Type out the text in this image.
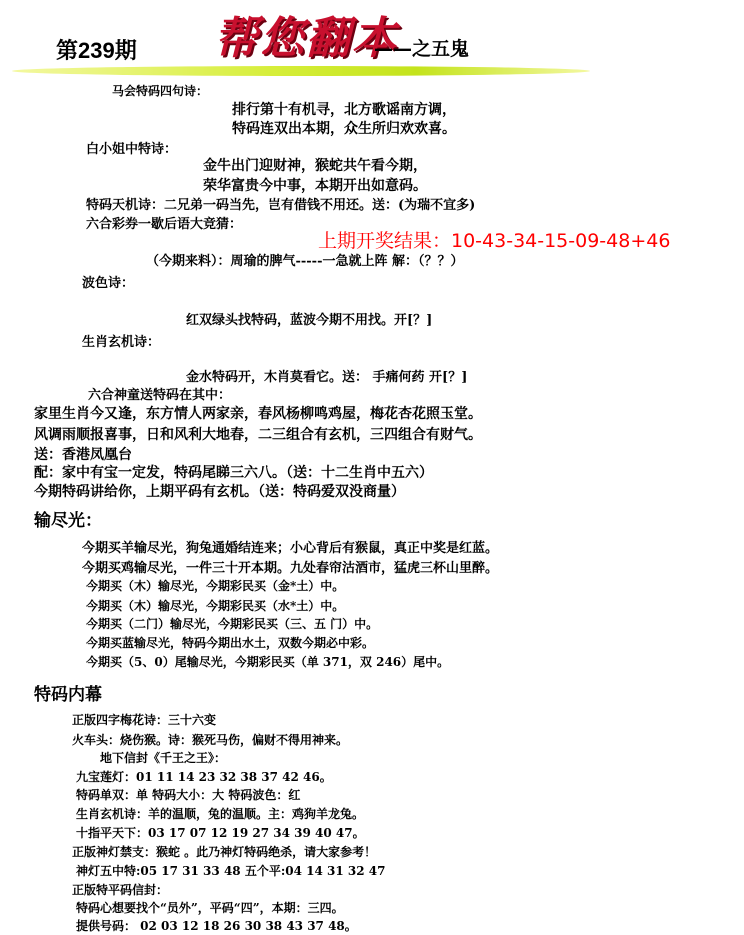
第239期 帮您翻本
——之五鬼
马会特码四句诗：
排行第十有机寻，北方歌谣南方调，
特码连双出本期，众生所归欢欢喜。
白小姐中特诗：
金牛出门迎财神，猴蛇共午看今期，
荣华富贵今中事，本期开出如意码。
特码天机诗：二兄弟一码当先，岂有借钱不用还。送：(为瑞不宜多)
六合彩券一歇后语大竞猜：
上期开奖结果：10-43-34-15-09-48+46
（今期来料）：周瑜的脾气-----一急就上阵 解：（？？）
波色诗：
红双绿头找特码，蓝波今期不用找。开[？]
生肖玄机诗：
金水特码开，木肖莫看它。送： 手痛何药 开[？]
六合神童送特码在其中：
家里生肖今又逢，东方情人两家亲，春风杨柳鸣鸡屋，梅花杏花照玉堂。
风调雨顺报喜事，日和风利大地春，二三组合有玄机，三四组合有财气。
送：香港凤凰台
配：家中有宝一定发，特码尾睇三六八。（送：十二生肖中五六）
今期特码讲给你，上期平码有玄机。（送：特码爱双没商量）
输尽光：
今期买羊输尽光，狗兔通婚结连来；小心背后有猴鼠，真正中奖是红蓝。
今期买鸡输尽光，一件三十开本期。九处春帘沽酒市，猛虎三杯山里醉。
今期买（木）输尽光，今期彩民买（金*土）中。
今期买（木）输尽光，今期彩民买（水*土）中。
今期买（二门）输尽光，今期彩民买（三、五 门）中。
今期买蓝输尽光，特码今期出水土，双数今期必中彩。
今期买（5、0）尾输尽光，今期彩民买（单 371，双 246）尾中。
特码内幕
正版四字梅花诗：三十六变
火车头：烧伤猴。诗：猴死马伤，偏财不得用神来。
地下信封《千王之王》：
九宝莲灯：01 11 14 23 32 38 37 42 46。
特码单双：单 特码大小：大 特码波色：红
生肖玄机诗：羊的温顺，兔的温顺。主：鸡狗羊龙兔。
十指平天下：03 17 07 12 19 27 34 39 40 47。
正版神灯禁支：猴蛇 。此乃神灯特码绝杀，请大家参考！
神灯五中特:05 17 31 33 48 五个平:04 14 31 32 47
正版特平码信封：
特码心想要找个“员外”，平码“四”，本期：三四。
提供号码： 02 03 12 18 26 30 38 43 37 48。
